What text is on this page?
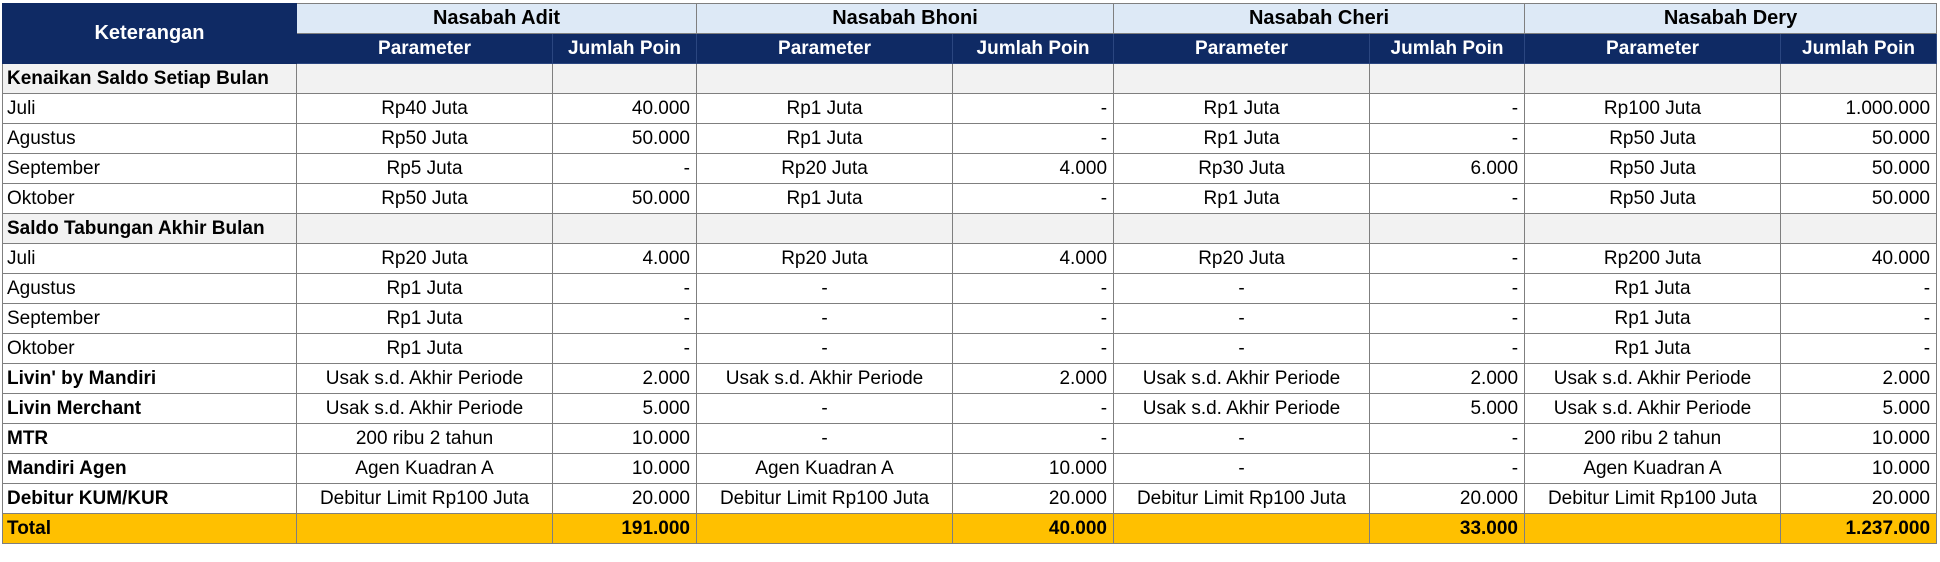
Keterangan	Nasabah Adit		Nasabah Bhoni		Nasabah Cheri		Nasabah Dery	
	Parameter	Jumlah Poin	Parameter	Jumlah Poin	Parameter	Jumlah Poin	Parameter	Jumlah Poin
Kenaikan Saldo Setiap Bulan								
Juli	Rp40 Juta	40.000	Rp1 Juta	-	Rp1 Juta	-	Rp100 Juta	1.000.000
Agustus	Rp50 Juta	50.000	Rp1 Juta	-	Rp1 Juta	-	Rp50 Juta	50.000
September	Rp5 Juta	-	Rp20 Juta	4.000	Rp30 Juta	6.000	Rp50 Juta	50.000
Oktober	Rp50 Juta	50.000	Rp1 Juta	-	Rp1 Juta	-	Rp50 Juta	50.000
Saldo Tabungan Akhir Bulan								
Juli	Rp20 Juta	4.000	Rp20 Juta	4.000	Rp20 Juta	-	Rp200 Juta	40.000
Agustus	Rp1 Juta	-	-	-	-	-	Rp1 Juta	-
September	Rp1 Juta	-	-	-	-	-	Rp1 Juta	-
Oktober	Rp1 Juta	-	-	-	-	-	Rp1 Juta	-
Livin' by Mandiri	Usak s.d. Akhir Periode	2.000	Usak s.d. Akhir Periode	2.000	Usak s.d. Akhir Periode	2.000	Usak s.d. Akhir Periode	2.000
Livin Merchant	Usak s.d. Akhir Periode	5.000	-	-	Usak s.d. Akhir Periode	5.000	Usak s.d. Akhir Periode	5.000
MTR	200 ribu 2 tahun	10.000	-	-	-	-	200 ribu 2 tahun	10.000
Mandiri Agen	Agen Kuadran A	10.000	Agen Kuadran A	10.000	-	-	Agen Kuadran A	10.000
Debitur KUM/KUR	Debitur Limit Rp100 Juta	20.000	Debitur Limit Rp100 Juta	20.000	Debitur Limit Rp100 Juta	20.000	Debitur Limit Rp100 Juta	20.000
Total		191.000		40.000		33.000		1.237.000
